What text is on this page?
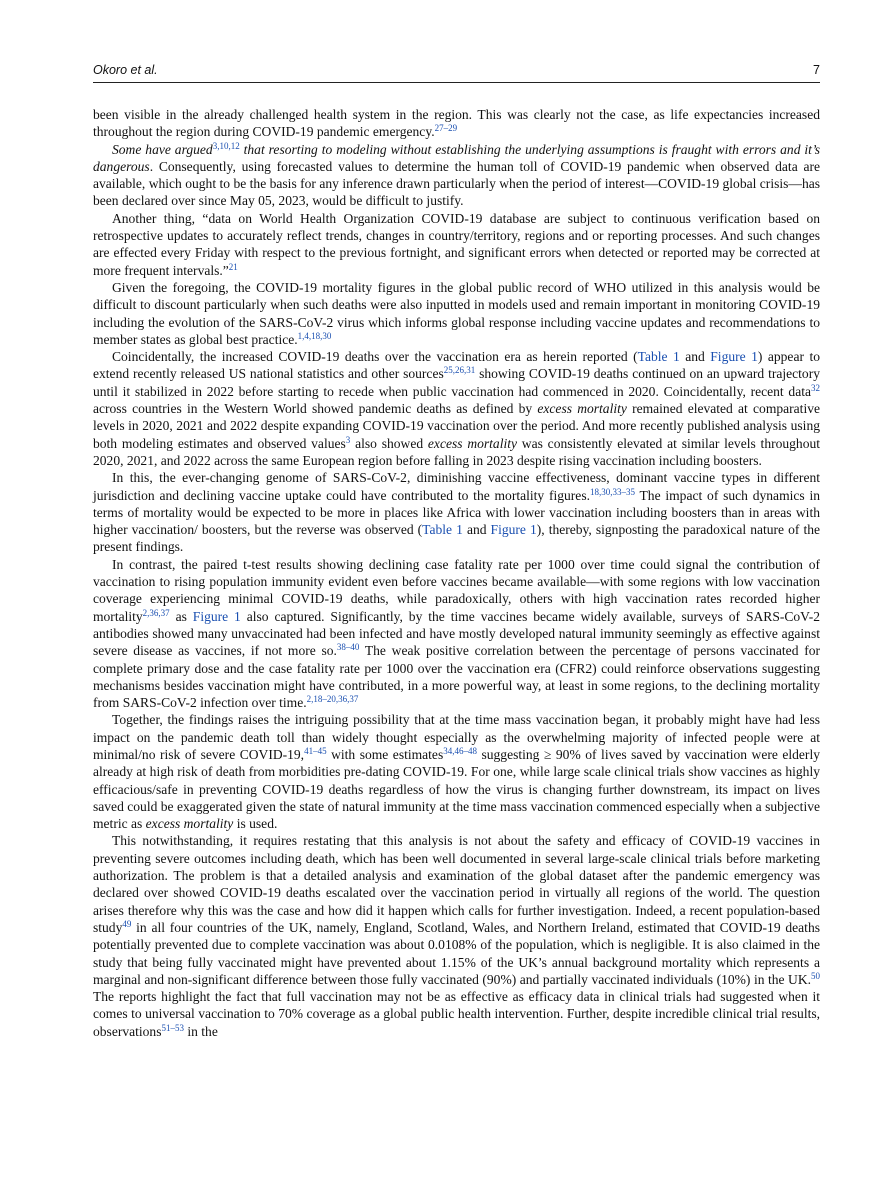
Okoro et al.	7

been visible in the already challenged health system in the region. This was clearly not the case, as life expectancies increased throughout the region during COVID-19 pandemic emergency.$^{27-29}$

Some have argued$^{3,10,12}$ that resorting to modeling without establishing the underlying assumptions is fraught with errors and it’s dangerous. Consequently, using forecasted values to determine the human toll of COVID-19 pandemic when observed data are available, which ought to be the basis for any inference drawn particularly when the period of interest—COVID-19 global crisis—has been declared over since May 05, 2023, would be difficult to justify.

Another thing, “data on World Health Organization COVID-19 database are subject to continuous verification based on retrospective updates to accurately reflect trends, changes in country/territory, regions and or reporting processes. And such changes are effected every Friday with respect to the previous fortnight, and significant errors when detected or reported may be corrected at more frequent intervals.”$^{21}$

Given the foregoing, the COVID-19 mortality figures in the global public record of WHO utilized in this analysis would be difficult to discount particularly when such deaths were also inputted in models used and remain important in monitoring COVID-19 including the evolution of the SARS-CoV-2 virus which informs global response including vaccine updates and recommendations to member states as global best practice.$^{1,4,18,30}$

Coincidentally, the increased COVID-19 deaths over the vaccination era as herein reported (Table 1 and Figure 1) appear to extend recently released US national statistics and other sources$^{25,26,31}$ showing COVID-19 deaths continued on an upward trajectory until it stabilized in 2022 before starting to recede when public vaccination had commenced in 2020. Coincidentally, recent data$^{32}$ across countries in the Western World showed pandemic deaths as defined by excess mortality remained elevated at comparative levels in 2020, 2021 and 2022 despite expanding COVID-19 vaccination over the period. And more recently published analysis using both modeling estimates and observed values$^3$ also showed excess mortality was consistently elevated at similar levels throughout 2020, 2021, and 2022 across the same European region before falling in 2023 despite rising vaccination including boosters.

In this, the ever-changing genome of SARS-CoV-2, diminishing vaccine effectiveness, dominant vaccine types in different jurisdiction and declining vaccine uptake could have contributed to the mortality figures.$^{18,30,33-35}$ The impact of such dynamics in terms of mortality would be expected to be more in places like Africa with lower vaccination including boosters than in areas with higher vaccination/ boosters, but the reverse was observed (Table 1 and Figure 1), thereby, signposting the paradoxical nature of the present findings.

In contrast, the paired t-test results showing declining case fatality rate per 1000 over time could signal the contribution of vaccination to rising population immunity evident even before vaccines became available—with some regions with low vaccination coverage experiencing minimal COVID-19 deaths, while paradoxically, others with high vaccination rates recorded higher mortality$^{2,36,37}$ as Figure 1 also captured. Significantly, by the time vaccines became widely available, surveys of SARS-CoV-2 antibodies showed many unvaccinated had been infected and have mostly developed natural immunity seemingly as effective against severe disease as vaccines, if not more so.$^{38-40}$ The weak positive correlation between the percentage of persons vaccinated for complete primary dose and the case fatality rate per 1000 over the vaccination era (CFR2) could reinforce observations suggesting mechanisms besides vaccination might have contributed, in a more powerful way, at least in some regions, to the declining mortality from SARS-CoV-2 infection over time.$^{2,18-20,36,37}$

Together, the findings raises the intriguing possibility that at the time mass vaccination began, it probably might have had less impact on the pandemic death toll than widely thought especially as the overwhelming majority of infected people were at minimal/no risk of severe COVID-19,$^{41-45}$ with some estimates$^{34,46-48}$ suggesting ≥ 90% of lives saved by vaccination were elderly already at high risk of death from morbidities pre-dating COVID-19. For one, while large scale clinical trials show vaccines as highly efficacious/safe in preventing COVID-19 deaths regardless of how the virus is changing further downstream, its impact on lives saved could be exaggerated given the state of natural immunity at the time mass vaccination commenced especially when a subjective metric as excess mortality is used.

This notwithstanding, it requires restating that this analysis is not about the safety and efficacy of COVID-19 vaccines in preventing severe outcomes including death, which has been well documented in several large-scale clinical trials before marketing authorization. The problem is that a detailed analysis and examination of the global dataset after the pandemic emergency was declared over showed COVID-19 deaths escalated over the vaccination period in virtually all regions of the world. The question arises therefore why this was the case and how did it happen which calls for further investigation. Indeed, a recent population-based study$^{49}$ in all four countries of the UK, namely, England, Scotland, Wales, and Northern Ireland, estimated that COVID-19 deaths potentially prevented due to complete vaccination was about 0.0108% of the population, which is negligible. It is also claimed in the study that being fully vaccinated might have prevented about 1.15% of the UK’s annual background mortality which represents a marginal and non-significant difference between those fully vaccinated (90%) and partially vaccinated individuals (10%) in the UK.$^{50}$ The reports highlight the fact that full vaccination may not be as effective as efficacy data in clinical trials had suggested when it comes to universal vaccination to 70% coverage as a global public health intervention. Further, despite incredible clinical trial results, observations$^{51-53}$ in the
